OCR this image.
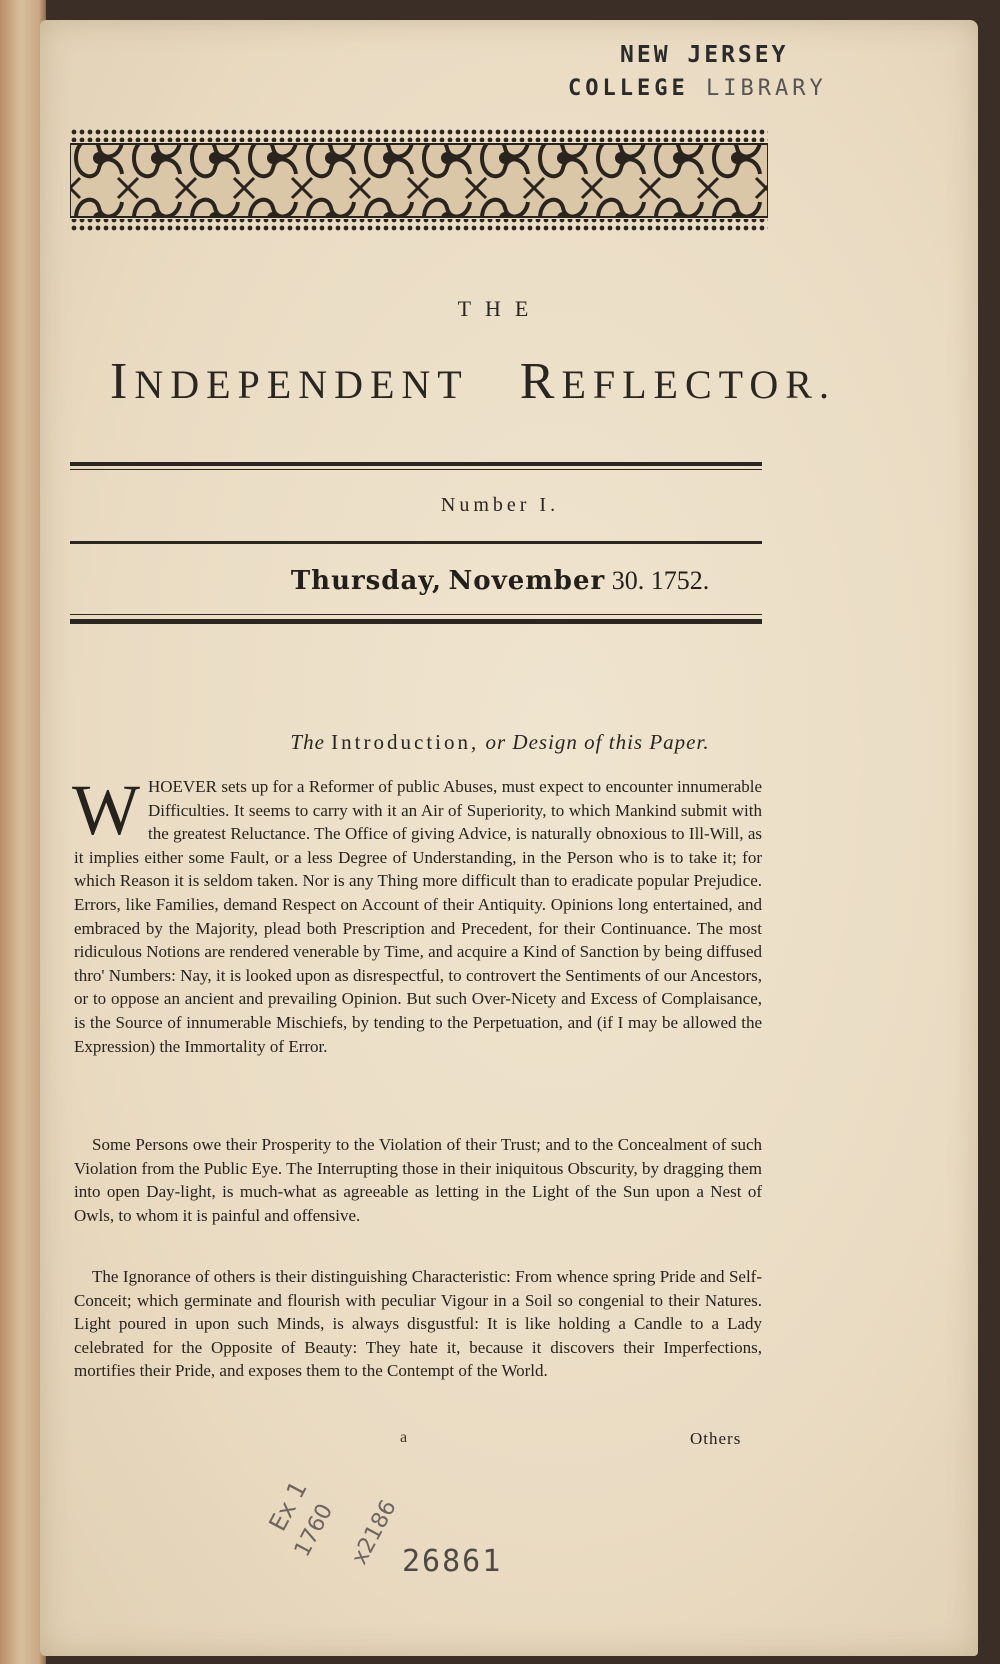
NEW JERSEY
COLLEGE LIBRARY
THE
INDEPENDENT REFLECTOR.
Number I.
Thursday, November 30. 1752.
The Introduction, or Design of this Paper.
W HOEVER sets up for a Reformer of public Abuses, must expect to encounter innumerable Difficulties. It seems to carry with it an Air of Superiority, to which Mankind submit with the greatest Reluctance. The Office of giving Advice, is naturally obnoxious to Ill-Will, as it implies either some Fault, or a less Degree of Understanding, in the Person who is to take it; for which Reason it is seldom taken. Nor is any Thing more difficult than to eradicate popular Prejudice. Errors, like Families, demand Respect on Account of their Antiquity. Opinions long entertained, and embraced by the Majority, plead both Prescription and Precedent, for their Continuance. The most ridiculous Notions are rendered venerable by Time, and acquire a Kind of Sanction by being diffused thro' Numbers: Nay, it is looked upon as disrespectful, to controvert the Sentiments of our Ancestors, or to oppose an ancient and prevailing Opinion. But such Over-Nicety and Excess of Complaisance, is the Source of innumerable Mischiefs, by tending to the Perpetuation, and (if I may be allowed the Expression) the Immortality of Error.

Some Persons owe their Prosperity to the Violation of their Trust; and to the Concealment of such Violation from the Public Eye. The Interrupting those in their iniquitous Obscurity, by dragging them into open Day-light, is much-what as agreeable as letting in the Light of the Sun upon a Nest of Owls, to whom it is painful and offensive.

The Ignorance of others is their distinguishing Characteristic: From whence spring Pride and Self-Conceit; which germinate and flourish with peculiar Vigour in a Soil so congenial to their Natures. Light poured in upon such Minds, is always disgustful: It is like holding a Candle to a Lady celebrated for the Opposite of Beauty: They hate it, because it discovers their Imperfections, mortifies their Pride, and exposes them to the Contempt of the World.

a	Others
Ex 1
1760 x2186 26861
